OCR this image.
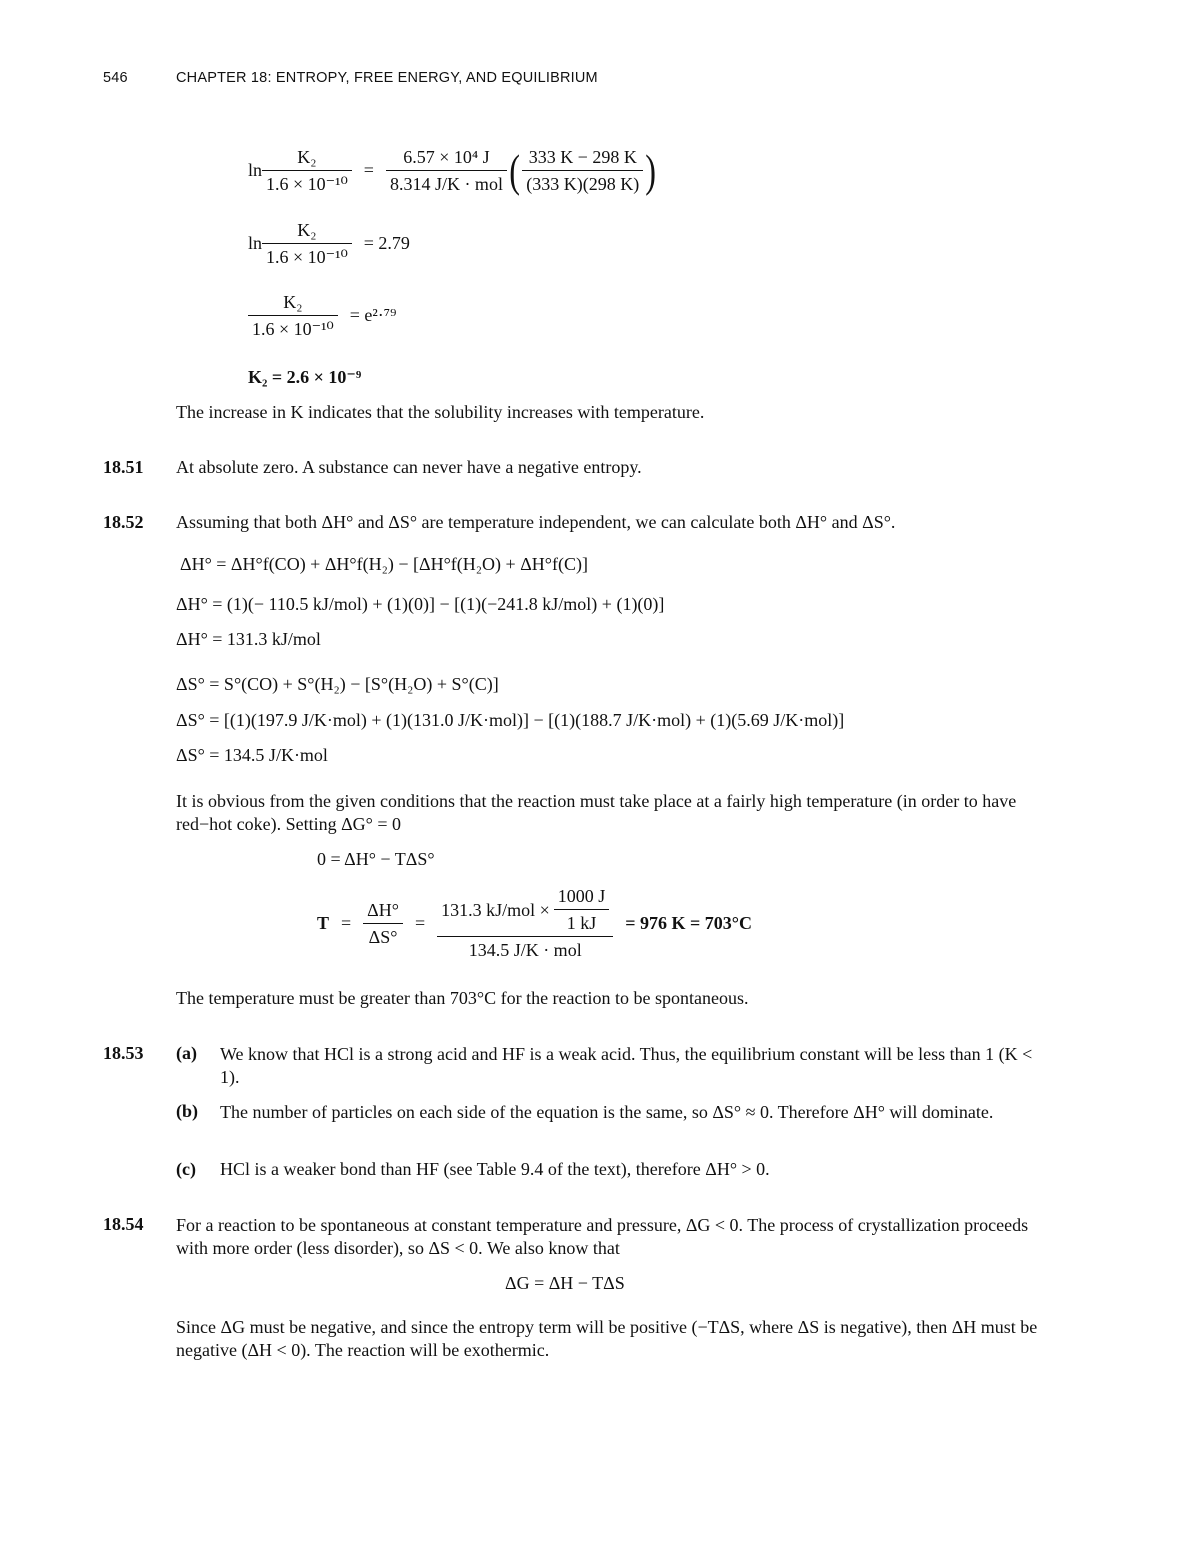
546	CHAPTER 18: ENTROPY, FREE ENERGY, AND EQUILIBRIUM
$\ln \frac{\text{K₂}}{\text{1.6 × 10⁻¹⁰}} = \frac{\text{6.57 × 10⁴ J}}{\text{8.314 J/K · mol}}$ ( $\frac{333 K - 298 K}{(333 K)(298 K)}$ )
$\ln \frac{\text{K₂}}{\text{1.6 × 10⁻¹⁰}} = 2.79$
$\frac{\text{K₂}}{\text{1.6 × 10⁻¹⁰}} = e^2\cdot^{79}$
K₂ = 2.6 × 10⁻⁹
The increase in K indicates that the solubility increases with temperature.
18.51 At absolute zero. A substance can never have a negative entropy.
18.52 Assuming that both ΔH° and ΔS° are temperature independent, we can calculate both ΔH° and ΔS°.
ΔH° = ΔH°f(CO) + ΔH°f(H₂) − [ΔH°f(H₂O) + ΔH°f(C)]
ΔH° = (1)(− 110.5 kJ/mol) + (1)(0)] − [(1)(−241.8 kJ/mol) + (1)(0)]
ΔH° = 131.3 kJ/mol
ΔS° = S°(CO) + S°(H₂) − [S°(H₂O) + S°(C)]
ΔS° = [(1)(197.9 J/K·mol) + (1)(131.0 J/K·mol)] − [(1)(188.7 J/K·mol) + (1)(5.69 J/K·mol)]
ΔS° = 134.5 J/K·mol
It is obvious from the given conditions that the reaction must take place at a fairly high temperature (in order to have red−hot coke). Setting ΔG° = 0
0 = ΔH° − TΔS°
$T = \frac{\Delta H^\circ}{\Delta S^\circ} = \frac{131.3 kJ/mol \times \frac{1000 J}{1 kJ}}{\text{134.5 J/K · mol}} = 976$ K = 703°C
The temperature must be greater than 703°C for the reaction to be spontaneous.
18.53 (a) We know that HCl is a strong acid and HF is a weak acid. Thus, the equilibrium constant will be less than 1 (K < 1).
(b) The number of particles on each side of the equation is the same, so ΔS° ≈ 0. Therefore ΔH° will dominate.
(c) HCl is a weaker bond than HF (see Table 9.4 of the text), therefore ΔH° > 0.
18.54 For a reaction to be spontaneous at constant temperature and pressure, ΔG < 0. The process of crystallization proceeds with more order (less disorder), so ΔS < 0. We also know that
ΔG = ΔH − TΔS
Since ΔG must be negative, and since the entropy term will be positive (−TΔS, where ΔS is negative), then ΔH must be negative (ΔH < 0). The reaction will be exothermic.
